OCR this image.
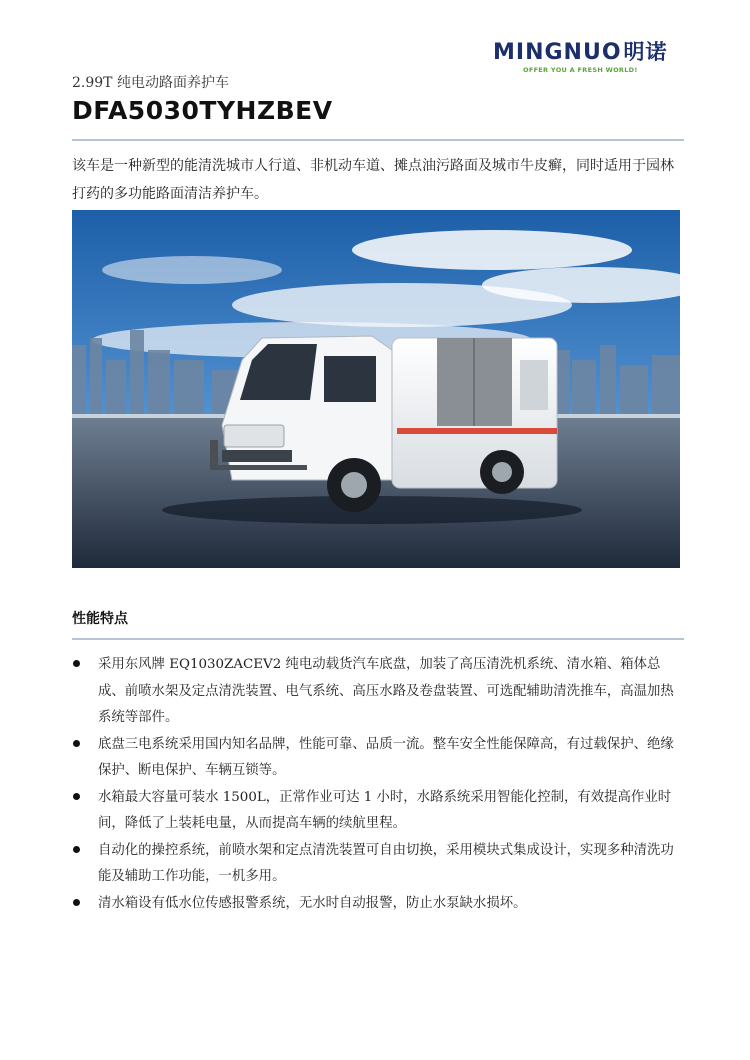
MINGNUO 明诺
OFFER YOU A FRESH WORLD!
2.99T 纯电动路面养护车
DFA5030TYHZBEV
该车是一种新型的能清洗城市人行道、非机动车道、摊点油污路面及城市牛皮癣，同时适用于园林打药的多功能路面清洁养护车。
性能特点
采用东风牌 EQ1030ZACEV2 纯电动载货汽车底盘，加装了高压清洗机系统、清水箱、箱体总成、前喷水架及定点清洗装置、电气系统、高压水路及卷盘装置、可选配辅助清洗推车，高温加热系统等部件。
底盘三电系统采用国内知名品牌，性能可靠、品质一流。整车安全性能保障高，有过载保护、绝缘保护、断电保护、车辆互锁等。
水箱最大容量可装水 1500L，正常作业可达 1 小时，水路系统采用智能化控制，有效提高作业时间，降低了上装耗电量，从而提高车辆的续航里程。
自动化的操控系统，前喷水架和定点清洗装置可自由切换，采用模块式集成设计，实现多种清洗功能及辅助工作功能，一机多用。
清水箱设有低水位传感报警系统，无水时自动报警，防止水泵缺水损坏。
